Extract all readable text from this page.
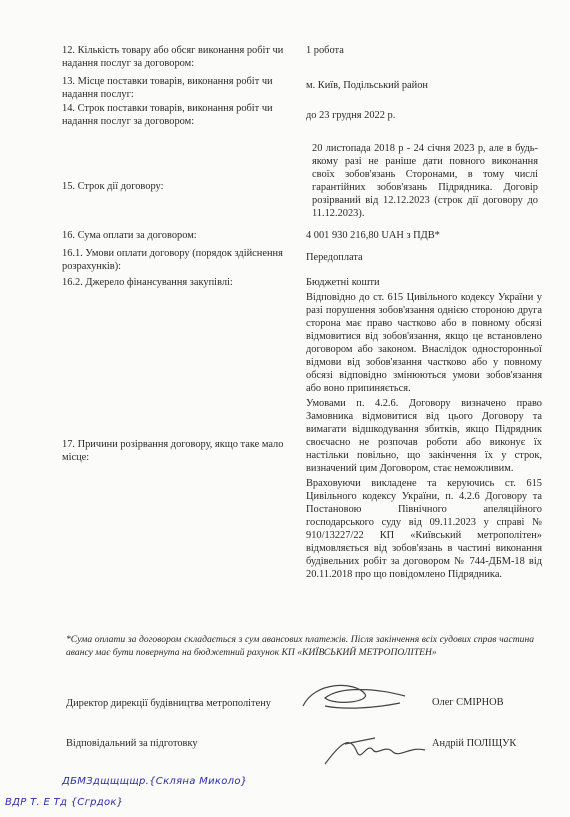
12. Кількість товару або обсяг виконання робіт чи надання послуг за договором:
1 робота
13. Місце поставки товарів, виконання робіт чи надання послуг:
м. Київ, Подільський район
14. Строк поставки товарів, виконання робіт чи надання послуг за договором:
до 23 грудня 2022 р.
15. Строк дії договору:
20 листопада 2018 р - 24 січня 2023 р, але в будь-якому разі не раніше дати повного виконання своїх зобов'язань Сторонами, в тому числі гарантійних зобов'язань Підрядника. Договір розірваний від 12.12.2023 (строк дії договору до 11.12.2023).
16. Сума оплати за договором:	4 001 930 216,80 UAH з ПДВ*
16.1. Умови оплати договору (порядок здійснення розрахунків):
Передоплата
16.2. Джерело фінансування закупівлі:	Бюджетні кошти
17. Причини розірвання договору, якщо таке мало місце:

Відповідно до ст. 615 Цивільного кодексу України у разі порушення зобов'язання однією стороною друга сторона має право частково або в повному обсязі відмовитися від зобов'язання, якщо це встановлено договором або законом. Внаслідок односторонньої відмови від зобов'язання частково або у повному обсязі відповідно змінюються умови зобов'язання або воно припиняється.

Умовами п. 4.2.6. Договору визначено право Замовника відмовитися від цього Договору та вимагати відшкодування збитків, якщо Підрядник своєчасно не розпочав роботи або виконує їх настільки повільно, що закінчення їх у строк, визначений цим Договором, стає неможливим.

Враховуючи викладене та керуючись ст. 615 Цивільного кодексу України, п. 4.2.6 Договору та Постановою Північного апеляційного господарського суду від 09.11.2023 у справі № 910/13227/22 КП «Київський метрополітен» відмовляється від зобов'язань в частині виконання будівельних робіт за договором № 744-ДБМ-18 від 20.11.2018 про що повідомлено Підрядника.

*Сума оплати за договором складається з сум авансових платежів. Після закінчення всіх судових справ частина авансу має бути повернута на бюджетний рахунок КП «КИЇВСЬКИЙ МЕТРОПОЛІТЕН»
Директор дирекції будівництва метрополітену	Олег СМІРНОВ
Відповідальний за підготовку	Андрій ПОЛІЩУК
ДБМЗдщщщщр.{Скляна Миколо}
ВДР Т. Е Тд {Сгрдок}
